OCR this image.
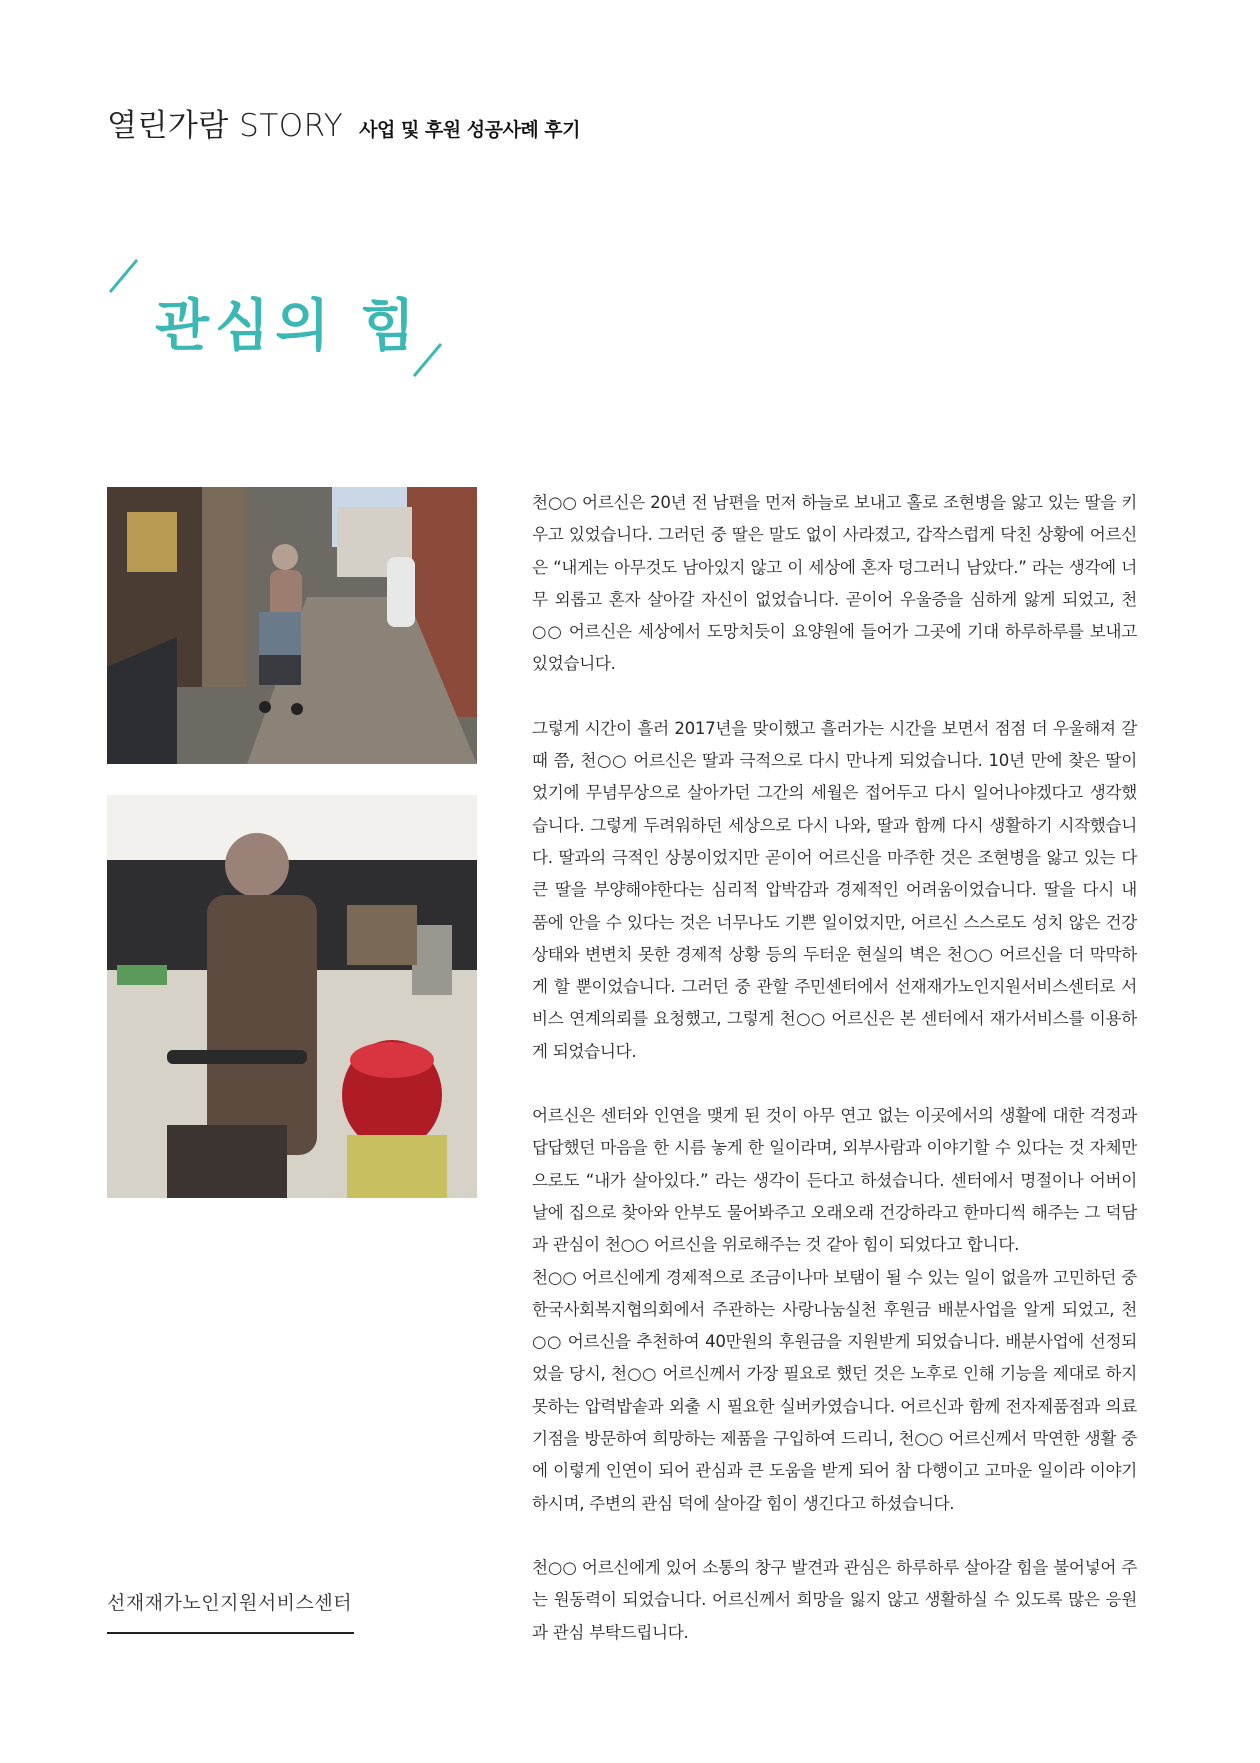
열린가람 STORY 사업 및 후원 성공사례 후기
관심의 힘

천○○ 어르신은 20년 전 남편을 먼저 하늘로 보내고 홀로 조현병을 앓고 있는 딸을 키우고 있었습니다. 그러던 중 딸은 말도 없이 사라졌고, 갑작스럽게 닥친 상황에 어르신은 “내게는 아무것도 남아있지 않고 이 세상에 혼자 덩그러니 남았다.” 라는 생각에 너무 외롭고 혼자 살아갈 자신이 없었습니다. 곧이어 우울증을 심하게 앓게 되었고, 천○○ 어르신은 세상에서 도망치듯이 요양원에 들어가 그곳에 기대 하루하루를 보내고 있었습니다.

그렇게 시간이 흘러 2017년을 맞이했고 흘러가는 시간을 보면서 점점 더 우울해져 갈 때 쯤, 천○○ 어르신은 딸과 극적으로 다시 만나게 되었습니다. 10년 만에 찾은 딸이었기에 무념무상으로 살아가던 그간의 세월은 접어두고 다시 일어나야겠다고 생각했습니다. 그렇게 두려워하던 세상으로 다시 나와, 딸과 함께 다시 생활하기 시작했습니다. 딸과의 극적인 상봉이었지만 곧이어 어르신을 마주한 것은 조현병을 앓고 있는 다 큰 딸을 부양해야한다는 심리적 압박감과 경제적인 어려움이었습니다. 딸을 다시 내 품에 안을 수 있다는 것은 너무나도 기쁜 일이었지만, 어르신 스스로도 성치 않은 건강상태와 변변치 못한 경제적 상황 등의 두터운 현실의 벽은 천○○ 어르신을 더 막막하게 할 뿐이었습니다. 그러던 중 관할 주민센터에서 선재재가노인지원서비스센터로 서비스 연계의뢰를 요청했고, 그렇게 천○○ 어르신은 본 센터에서 재가서비스를 이용하게 되었습니다.

어르신은 센터와 인연을 맺게 된 것이 아무 연고 없는 이곳에서의 생활에 대한 걱정과 답답했던 마음을 한 시름 놓게 한 일이라며, 외부사람과 이야기할 수 있다는 것 자체만으로도 “내가 살아있다.” 라는 생각이 든다고 하셨습니다. 센터에서 명절이나 어버이날에 집으로 찾아와 안부도 물어봐주고 오래오래 건강하라고 한마디씩 해주는 그 덕담과 관심이 천○○ 어르신을 위로해주는 것 같아 힘이 되었다고 합니다.

천○○ 어르신에게 경제적으로 조금이나마 보탬이 될 수 있는 일이 없을까 고민하던 중 한국사회복지협의회에서 주관하는 사랑나눔실천 후원금 배분사업을 알게 되었고, 천○○ 어르신을 추천하여 40만원의 후원금을 지원받게 되었습니다. 배분사업에 선정되었을 당시, 천○○ 어르신께서 가장 필요로 했던 것은 노후로 인해 기능을 제대로 하지 못하는 압력밥솥과 외출 시 필요한 실버카였습니다. 어르신과 함께 전자제품점과 의료기점을 방문하여 희망하는 제품을 구입하여 드리니, 천○○ 어르신께서 막연한 생활 중에 이렇게 인연이 되어 관심과 큰 도움을 받게 되어 참 다행이고 고마운 일이라 이야기 하시며, 주변의 관심 덕에 살아갈 힘이 생긴다고 하셨습니다.

천○○ 어르신에게 있어 소통의 창구 발견과 관심은 하루하루 살아갈 힘을 불어넣어 주는 원동력이 되었습니다. 어르신께서 희망을 잃지 않고 생활하실 수 있도록 많은 응원과 관심 부탁드립니다.

선재재가노인지원서비스센터
